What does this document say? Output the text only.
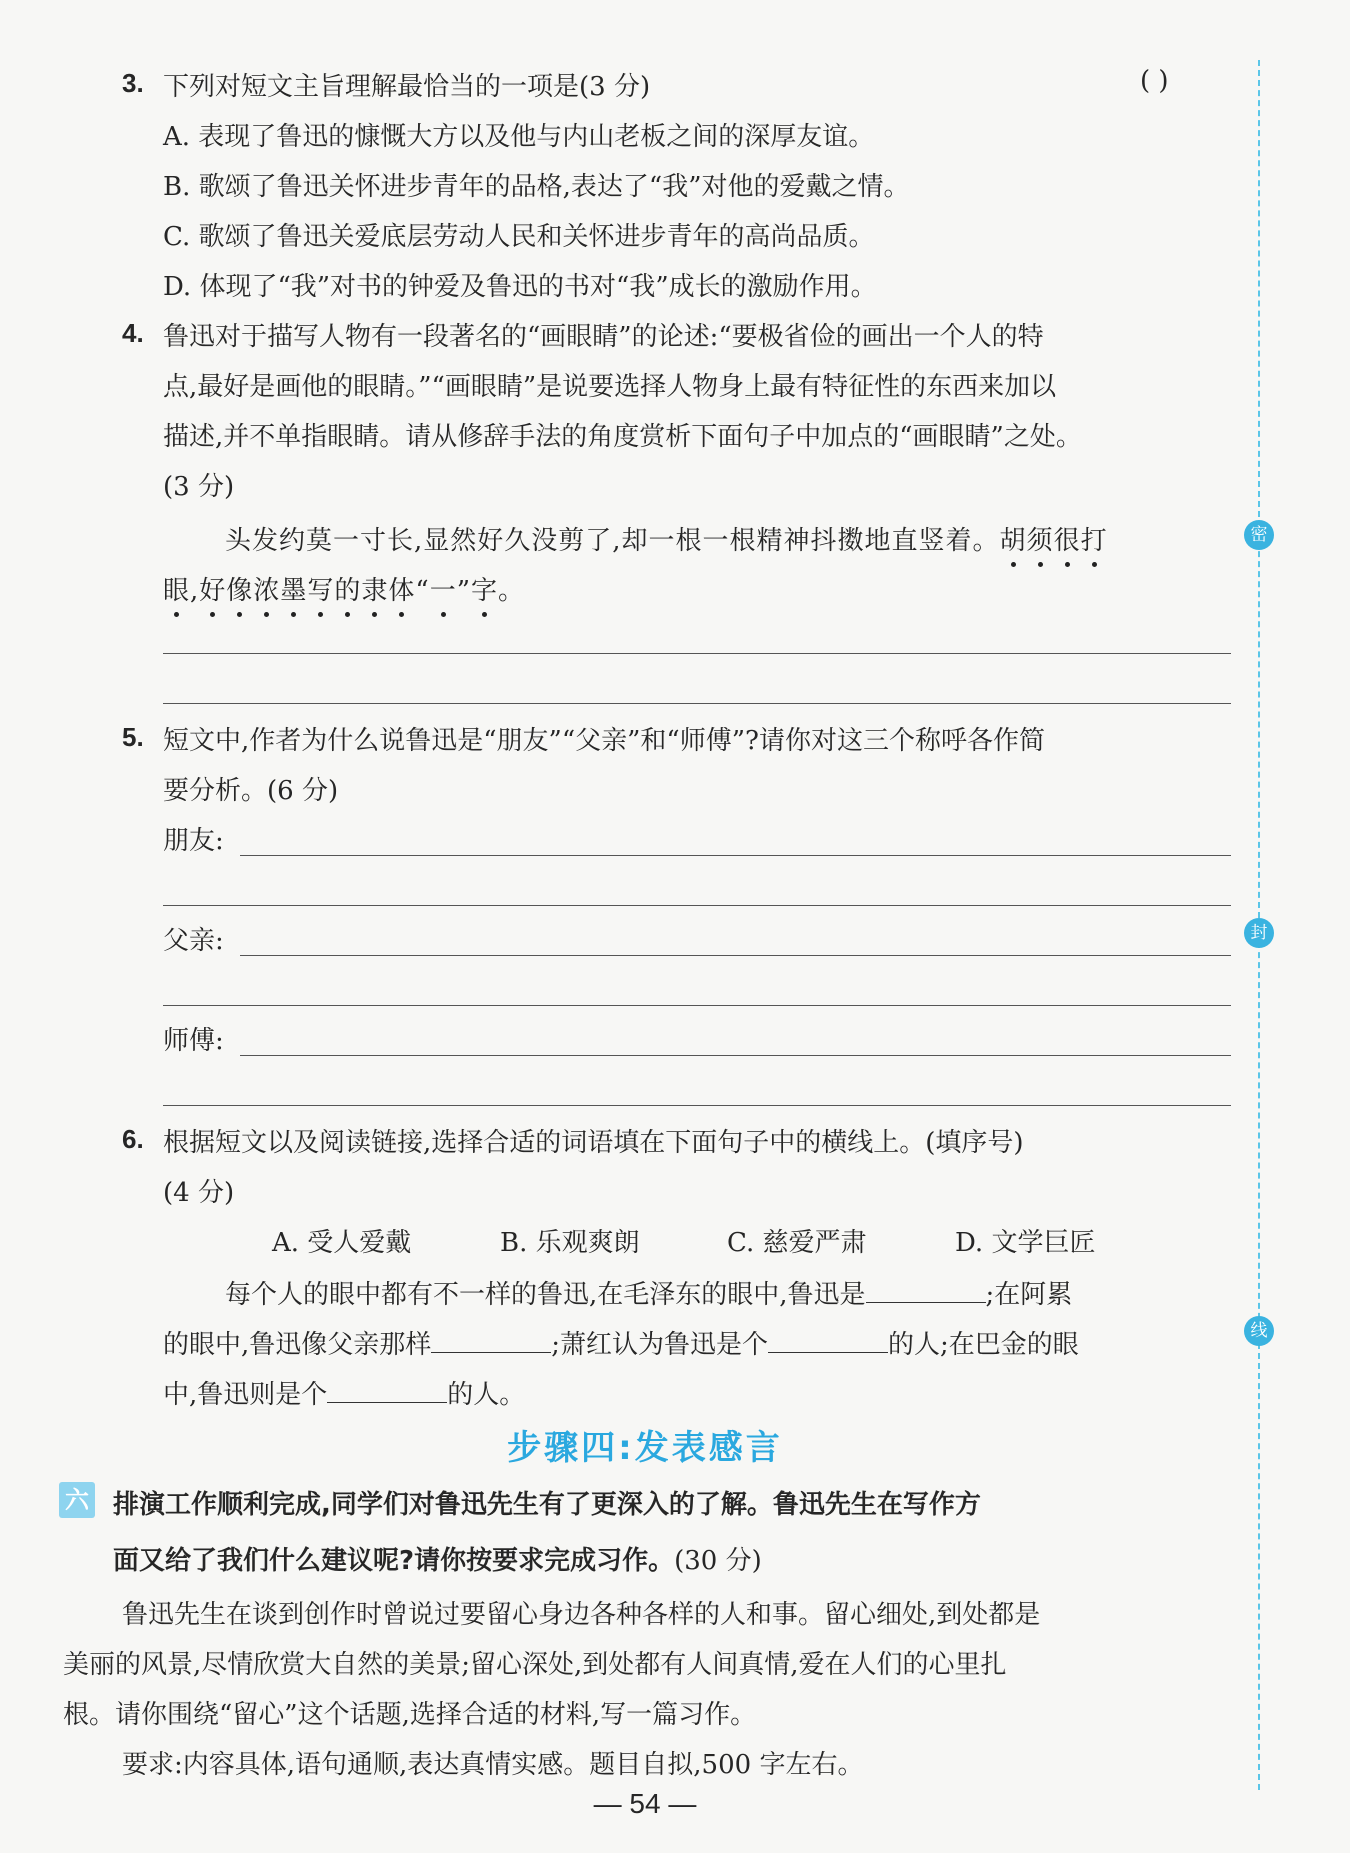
3. 下列对短文主旨理解最恰当的一项是(3 分)	( )
A. 表现了鲁迅的慷慨大方以及他与内山老板之间的深厚友谊。
B. 歌颂了鲁迅关怀进步青年的品格,表达了“我”对他的爱戴之情。
C. 歌颂了鲁迅关爱底层劳动人民和关怀进步青年的高尚品质。
D. 体现了“我”对书的钟爱及鲁迅的书对“我”成长的激励作用。
4. 鲁迅对于描写人物有一段著名的“画眼睛”的论述:“要极省俭的画出一个人的特
点,最好是画他的眼睛。”“画眼睛”是说要选择人物身上最有特征性的东西来加以
描述,并不单指眼睛。请从修辞手法的角度赏析下面句子中加点的“画眼睛”之处。
(3 分)
头发约莫一寸长,显然好久没剪了,却一根一根精神抖擞地直竖着。胡须很打
眼,好像浓墨写的隶体“一”字。
5. 短文中,作者为什么说鲁迅是“朋友”“父亲”和“师傅”?请你对这三个称呼各作简
要分析。(6 分)
朋友:
父亲:
师傅:
6. 根据短文以及阅读链接,选择合适的词语填在下面句子中的横线上。(填序号)
(4 分)
A. 受人爱戴	B. 乐观爽朗	C. 慈爱严肃	D. 文学巨匠
每个人的眼中都有不一样的鲁迅,在毛泽东的眼中,鲁迅是	;在阿累
的眼中,鲁迅像父亲那样	;萧红认为鲁迅是个	的人;在巴金的眼
中,鲁迅则是个	的人。
步骤四:发表感言
六 排演工作顺利完成,同学们对鲁迅先生有了更深入的了解。鲁迅先生在写作方
面又给了我们什么建议呢?请你按要求完成习作。(30 分)
鲁迅先生在谈到创作时曾说过要留心身边各种各样的人和事。留心细处,到处都是
美丽的风景,尽情欣赏大自然的美景;留心深处,到处都有人间真情,爱在人们的心里扎
根。请你围绕“留心”这个话题,选择合适的材料,写一篇习作。
要求:内容具体,语句通顺,表达真情实感。题目自拟,500 字左右。
密
封
线
— 54 —
